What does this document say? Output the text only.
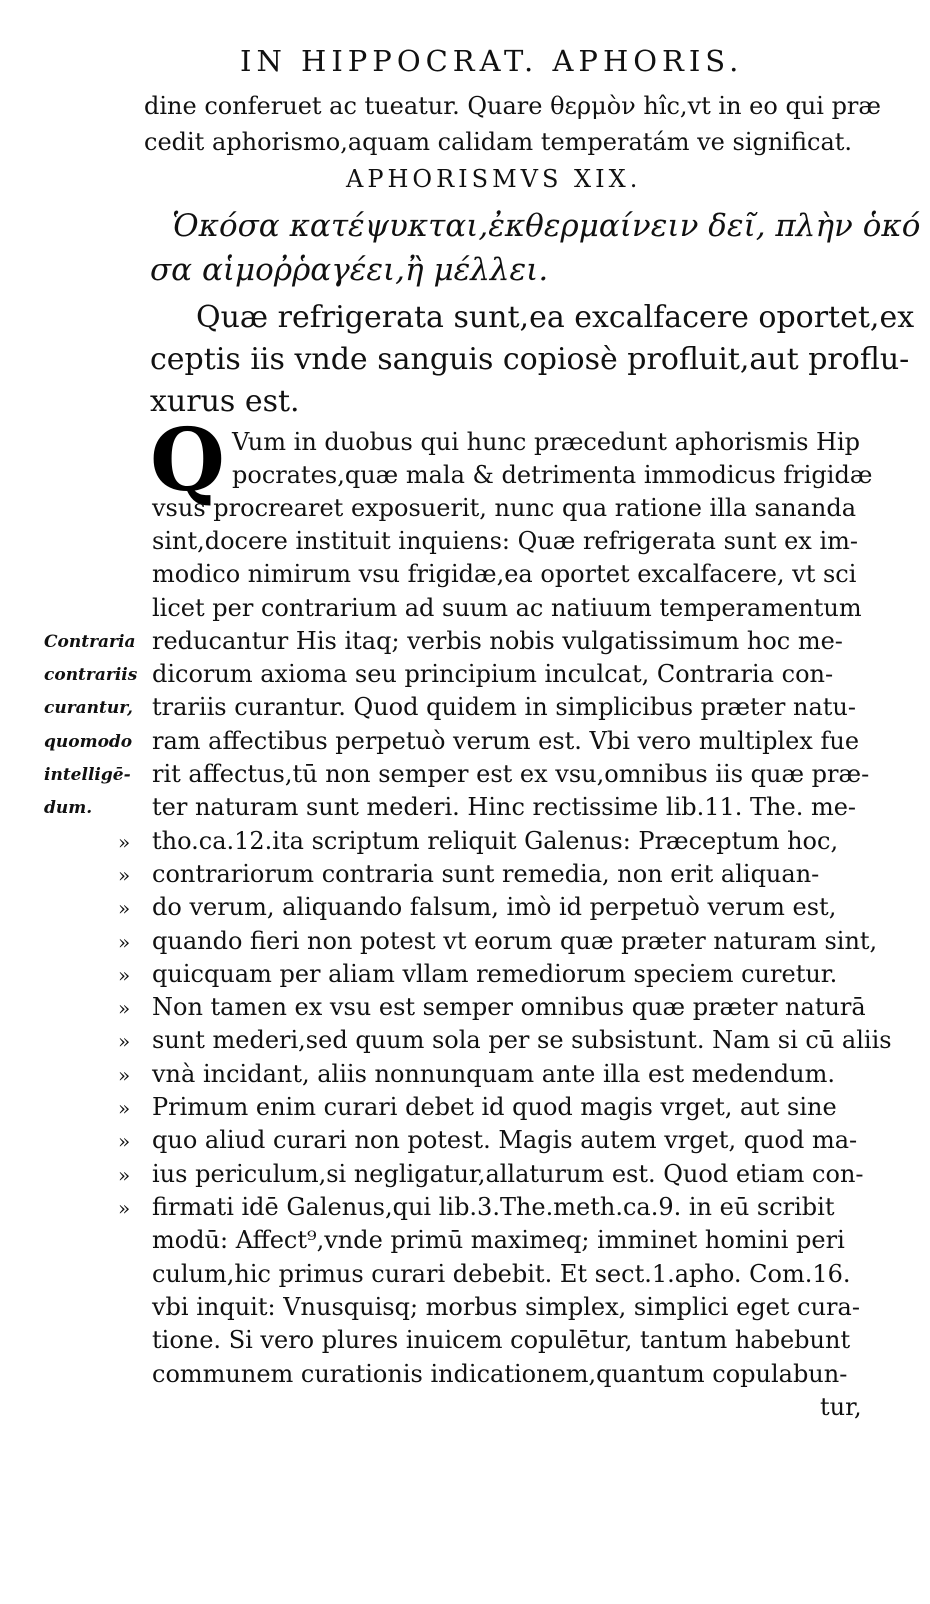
IN HIPPOCRAT. APHORIS.
dine conferuet ac tueatur. Quare θερμὸν hîc,vt in eo qui præ
cedit aphorismo,aquam calidam temperatám ve significat.
APHORISMVS XIX.
Ὁκόσα κατέψυκται,ἐκθερμαίνειν δεῖ, πλὴν ὁκό
σα αἱμοῤῥαγέει,ἢ μέλλει.
Quæ refrigerata sunt,ea excalfacere oportet,ex
ceptis iis vnde sanguis copiosè profluit,aut proflu-
xurus est.
Q Vum in duobus qui hunc præcedunt aphorismis Hip
pocrates,quæ mala & detrimenta immodicus frigidæ
vsus procrearet exposuerit, nunc qua ratione illa sananda
sint,docere instituit inquiens: Quæ refrigerata sunt ex im-
modico nimirum vsu frigidæ,ea oportet excalfacere, vt sci
licet per contrarium ad suum ac natiuum temperamentum
reducantur His itaq; verbis nobis vulgatissimum hoc me-
dicorum axioma seu principium inculcat, Contraria con-
trariis curantur. Quod quidem in simplicibus præter natu-
ram affectibus perpetuò verum est. Vbi vero multiplex fue
rit affectus,tū non semper est ex vsu,omnibus iis quæ præ-
ter naturam sunt mederi. Hinc rectissime lib.11. The. me-
tho.ca.12.ita scriptum reliquit Galenus: Præceptum hoc,
contrariorum contraria sunt remedia, non erit aliquan-
do verum, aliquando falsum, imò id perpetuò verum est,
quando fieri non potest vt eorum quæ præter naturam sint,
quicquam per aliam vllam remediorum speciem curetur.
Non tamen ex vsu est semper omnibus quæ præter naturā
sunt mederi,sed quum sola per se subsistunt. Nam si cū aliis
vnà incidant, aliis nonnunquam ante illa est medendum.
Primum enim curari debet id quod magis vrget, aut sine
quo aliud curari non potest. Magis autem vrget, quod ma-
ius periculum,si negligatur,allaturum est. Quod etiam con-
firmati idē Galenus,qui lib.3.The.meth.ca.9. in eū scribit
modū: Affect⁹,vnde primū maximeq; imminet homini peri
culum,hic primus curari debebit. Et sect.1.apho. Com.16.
vbi inquit: Vnusquisq; morbus simplex, simplici eget cura-
tione. Si vero plures inuicem copulētur, tantum habebunt
communem curationis indicationem,quantum copulabun-
tur,
Contraria
contrariis
curantur,
quomodo
intelligē-
dum.
»
»
»
»
»
»
»
»
»
»
»
»
